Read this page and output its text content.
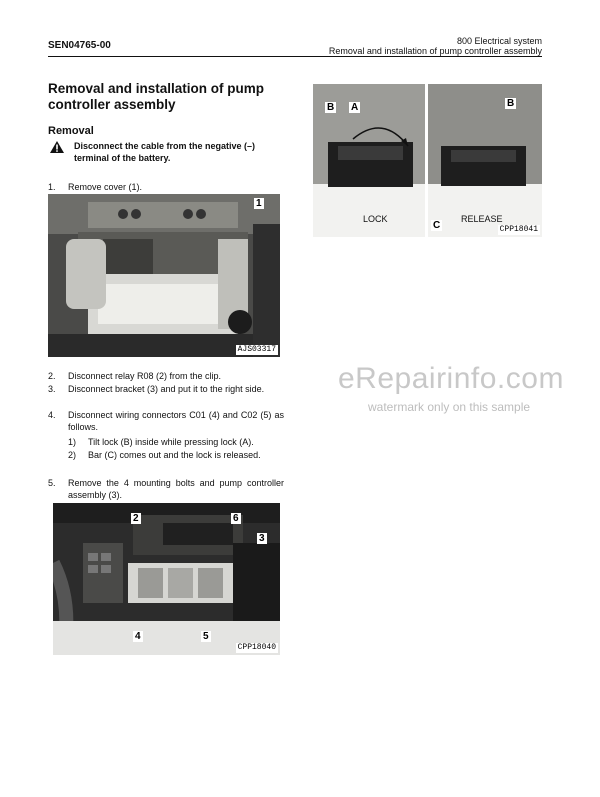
SEN04765-00	800 Electrical system
Removal and installation of pump controller assembly
Removal and installation of pump controller assembly
Removal
Disconnect the cable from the negative (–) terminal of the battery.
1. Remove cover (1).
1
AJS03317
2. Disconnect relay R08 (2) from the clip.
3. Disconnect bracket (3) and put it to the right side.
4. Disconnect wiring connectors C01 (4) and C02 (5) as follows.
1) Tilt lock (B) inside while pressing lock (A).
2) Bar (C) comes out and the lock is released.
5. Remove the 4 mounting bolts and pump controller assembly (3).
2	6
3
4	5
CPP18040
B A	B
C
LOCK	RELEASE
CPP18041
eRepairinfo.com
watermark only on this sample
